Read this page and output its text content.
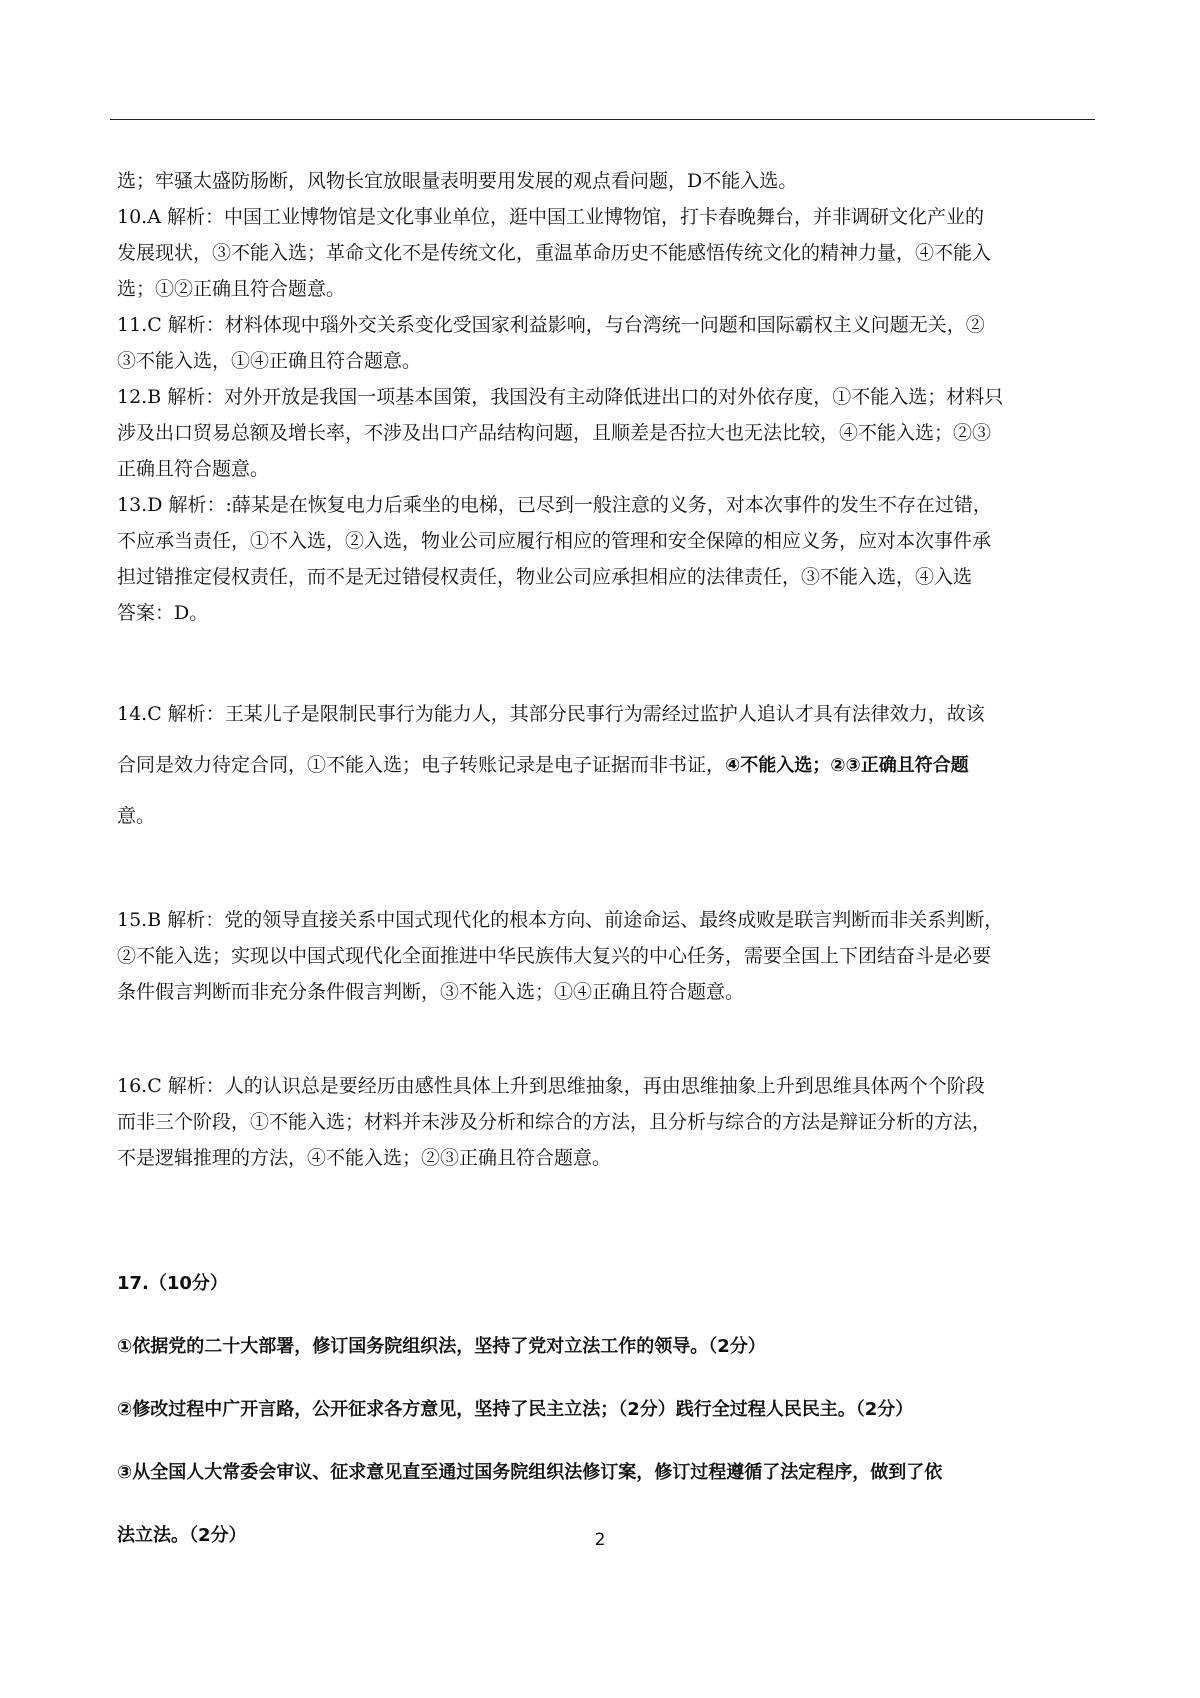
选；牢骚太盛防肠断，风物长宜放眼量表明要用发展的观点看问题，D不能入选。

10.A 解析：中国工业博物馆是文化事业单位，逛中国工业博物馆，打卡春晚舞台，并非调研文化产业的
发展现状，③不能入选；革命文化不是传统文化，重温革命历史不能感悟传统文化的精神力量，④不能入
选；①②正确且符合题意。

11.C 解析：材料体现中瑙外交关系变化受国家利益影响，与台湾统一问题和国际霸权主义问题无关，②
③不能入选，①④正确且符合题意。

12.B 解析：对外开放是我国一项基本国策，我国没有主动降低进出口的对外依存度，①不能入选；材料只
涉及出口贸易总额及增长率，不涉及出口产品结构问题，且顺差是否拉大也无法比较，④不能入选；②③
正确且符合题意。

13.D 解析：:薛某是在恢复电力后乘坐的电梯，已尽到一般注意的义务，对本次事件的发生不存在过错，
不应承当责任，①不入选，②入选，物业公司应履行相应的管理和安全保障的相应义务，应对本次事件承
担过错推定侵权责任，而不是无过错侵权责任，物业公司应承担相应的法律责任，③不能入选，④入选
答案：D。

14.C 解析：王某儿子是限制民事行为能力人，其部分民事行为需经过监护人追认才具有法律效力，故该
合同是效力待定合同，①不能入选；电子转账记录是电子证据而非书证，④不能入选；②③正确且符合题
意。

15.B 解析：党的领导直接关系中国式现代化的根本方向、前途命运、最终成败是联言判断而非关系判断，
②不能入选；实现以中国式现代化全面推进中华民族伟大复兴的中心任务，需要全国上下团结奋斗是必要
条件假言判断而非充分条件假言判断，③不能入选；①④正确且符合题意。

16.C 解析：人的认识总是要经历由感性具体上升到思维抽象，再由思维抽象上升到思维具体两个个阶段
而非三个阶段，①不能入选；材料并未涉及分析和综合的方法，且分析与综合的方法是辩证分析的方法，
不是逻辑推理的方法，④不能入选；②③正确且符合题意。

17.（10分）
①依据党的二十大部署，修订国务院组织法，坚持了党对立法工作的领导。（2分）
②修改过程中广开言路，公开征求各方意见，坚持了民主立法；（2分）践行全过程人民民主。（2分）
③从全国人大常委会审议、征求意见直至通过国务院组织法修订案，修订过程遵循了法定程序，做到了依
法立法。（2分）	2
